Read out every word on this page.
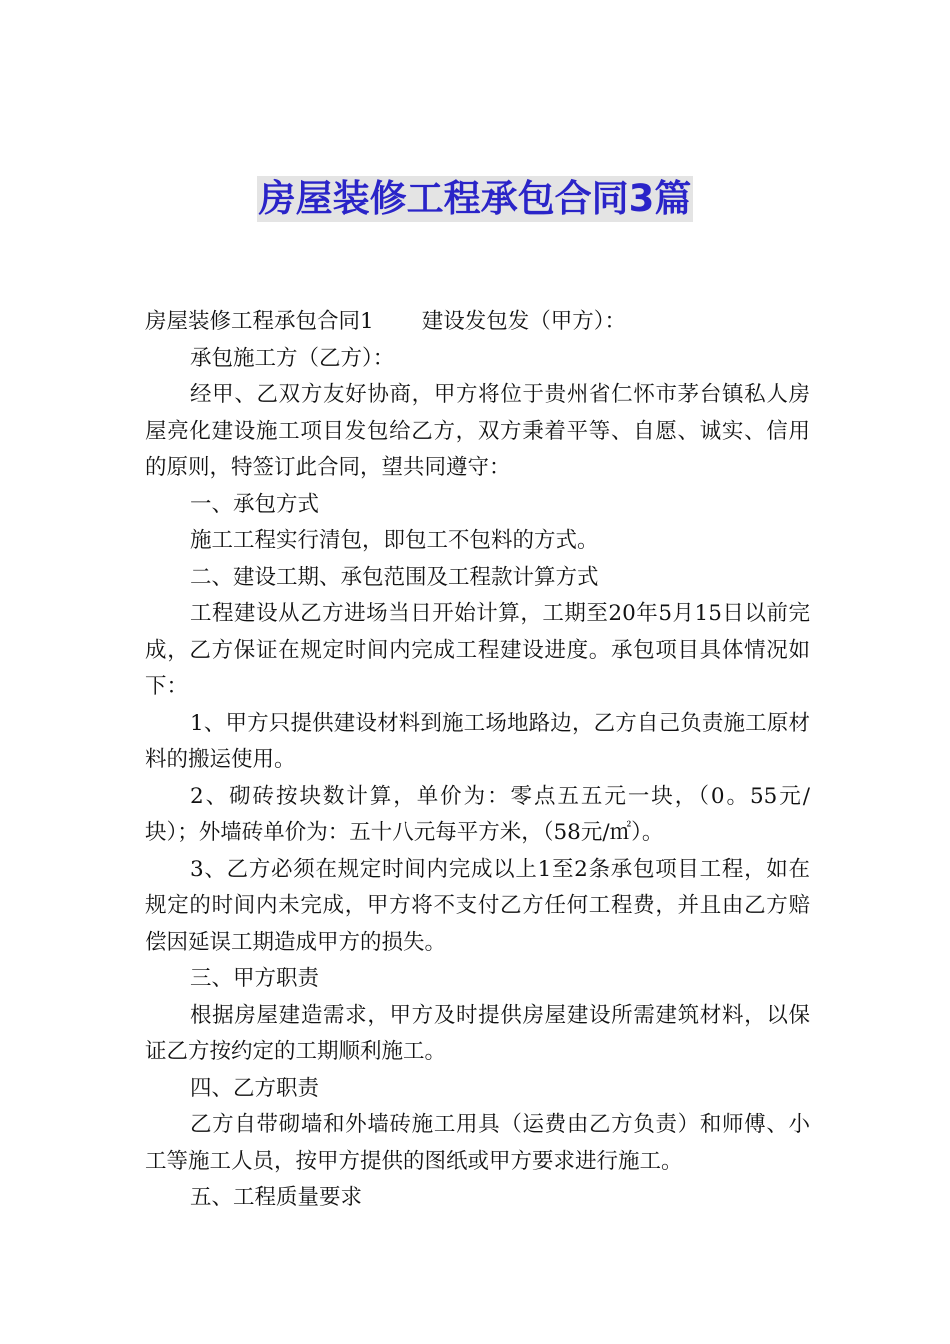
房屋装修工程承包合同3篇

房屋装修工程承包合同1 建设发包发（甲方）：

承包施工方（乙方）：

经甲、乙双方友好协商，甲方将位于贵州省仁怀市茅台镇私人房屋亮化建设施工项目发包给乙方，双方秉着平等、自愿、诚实、信用的原则，特签订此合同，望共同遵守：

一、承包方式

施工工程实行清包，即包工不包料的方式。

二、建设工期、承包范围及工程款计算方式

工程建设从乙方进场当日开始计算，工期至20年5月15日以前完成，乙方保证在规定时间内完成工程建设进度。承包项目具体情况如下：

1、甲方只提供建设材料到施工场地路边，乙方自己负责施工原材料的搬运使用。

2、砌砖按块数计算，单价为：零点五五元一块，（0。55元/块）；外墙砖单价为：五十八元每平方米，（58元/㎡）。

3、乙方必须在规定时间内完成以上1至2条承包项目工程，如在规定的时间内未完成，甲方将不支付乙方任何工程费，并且由乙方赔偿因延误工期造成甲方的损失。

三、甲方职责

根据房屋建造需求，甲方及时提供房屋建设所需建筑材料，以保证乙方按约定的工期顺利施工。

四、乙方职责

乙方自带砌墙和外墙砖施工用具（运费由乙方负责）和师傅、小工等施工人员，按甲方提供的图纸或甲方要求进行施工。

五、工程质量要求
